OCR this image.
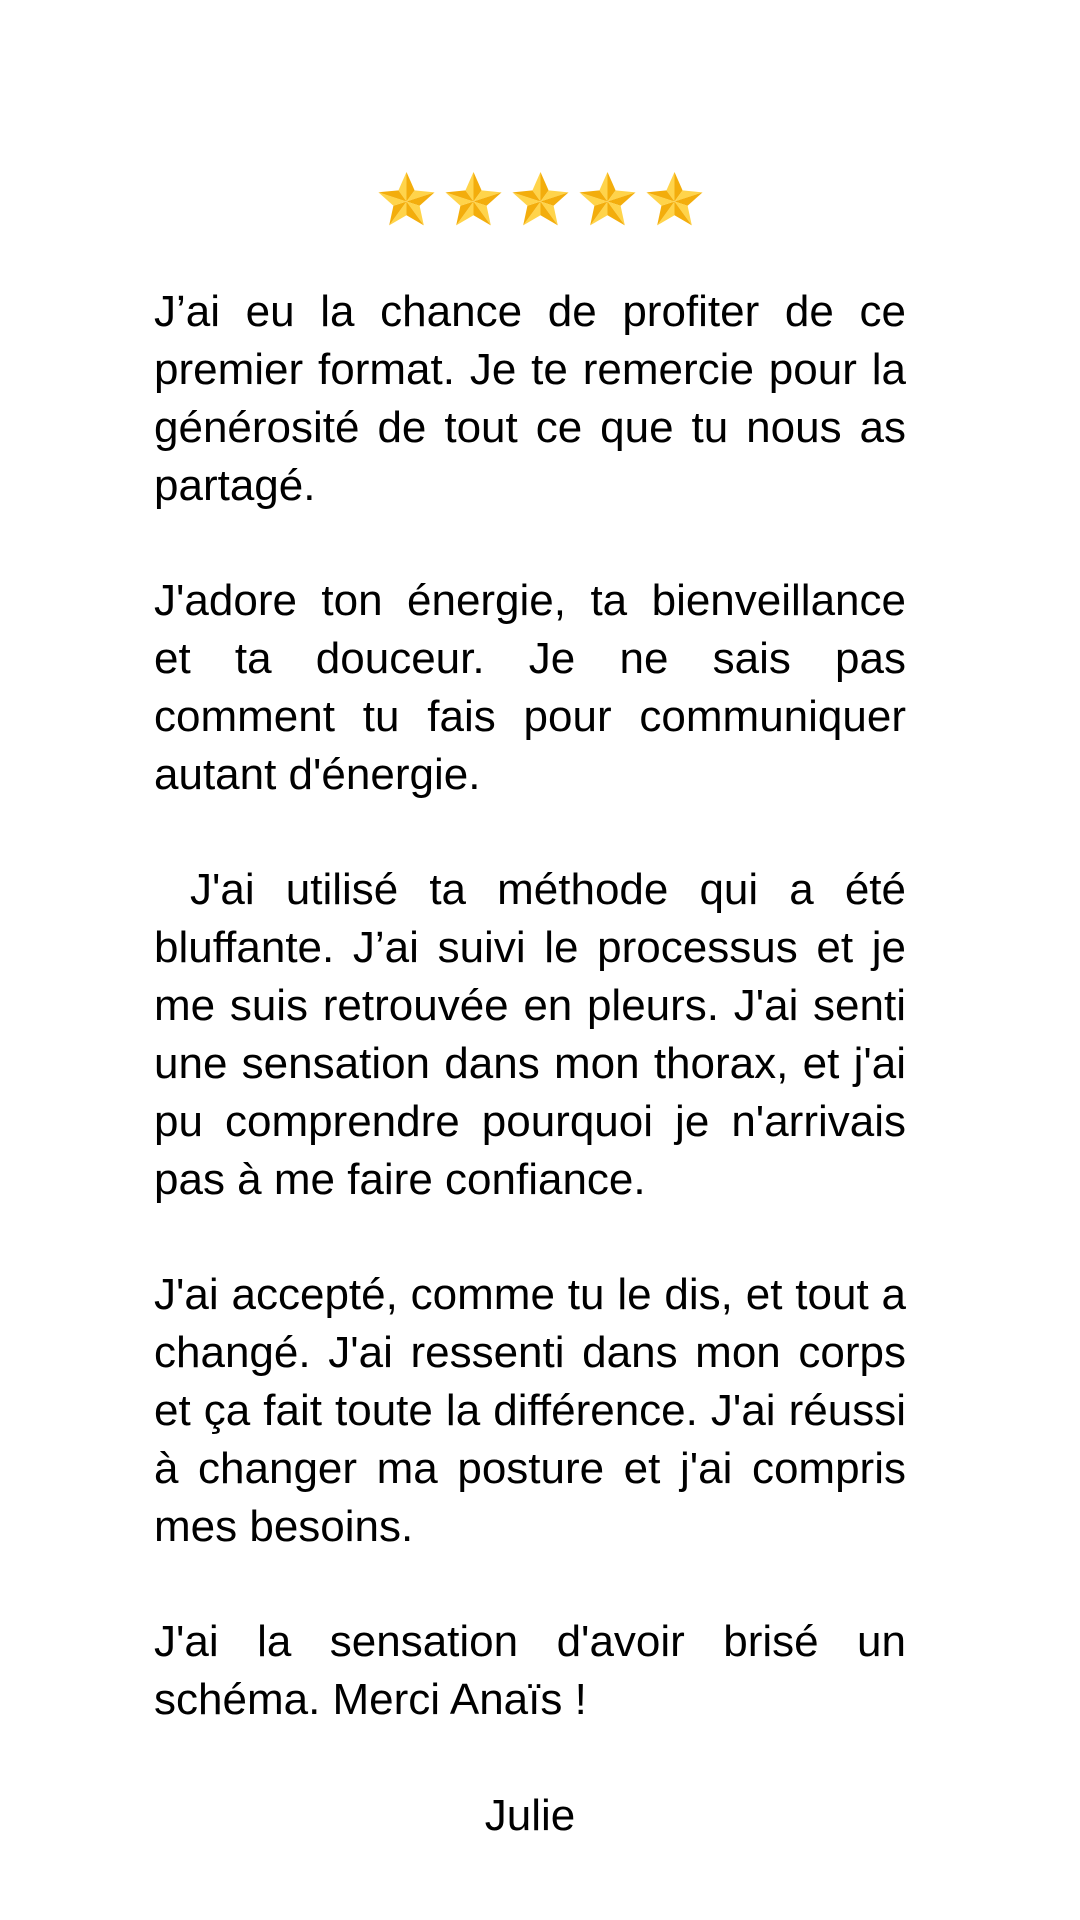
J’ai eu la chance de profiter de ce premier format. Je te remercie pour la générosité de tout ce que tu nous as partagé.

J'adore ton énergie, ta bienveillance et ta douceur. Je ne sais pas comment tu fais pour communiquer autant d'énergie.

J'ai utilisé ta méthode qui a été bluffante. J’ai suivi le processus et je me suis retrouvée en pleurs. J'ai senti une sensation dans mon thorax, et j'ai pu comprendre pourquoi je n'arrivais pas à me faire confiance.

J'ai accepté, comme tu le dis, et tout a changé. J'ai ressenti dans mon corps et ça fait toute la différence. J'ai réussi à changer ma posture et j'ai compris mes besoins.

J'ai la sensation d'avoir brisé un schéma. Merci Anaïs !

Julie
